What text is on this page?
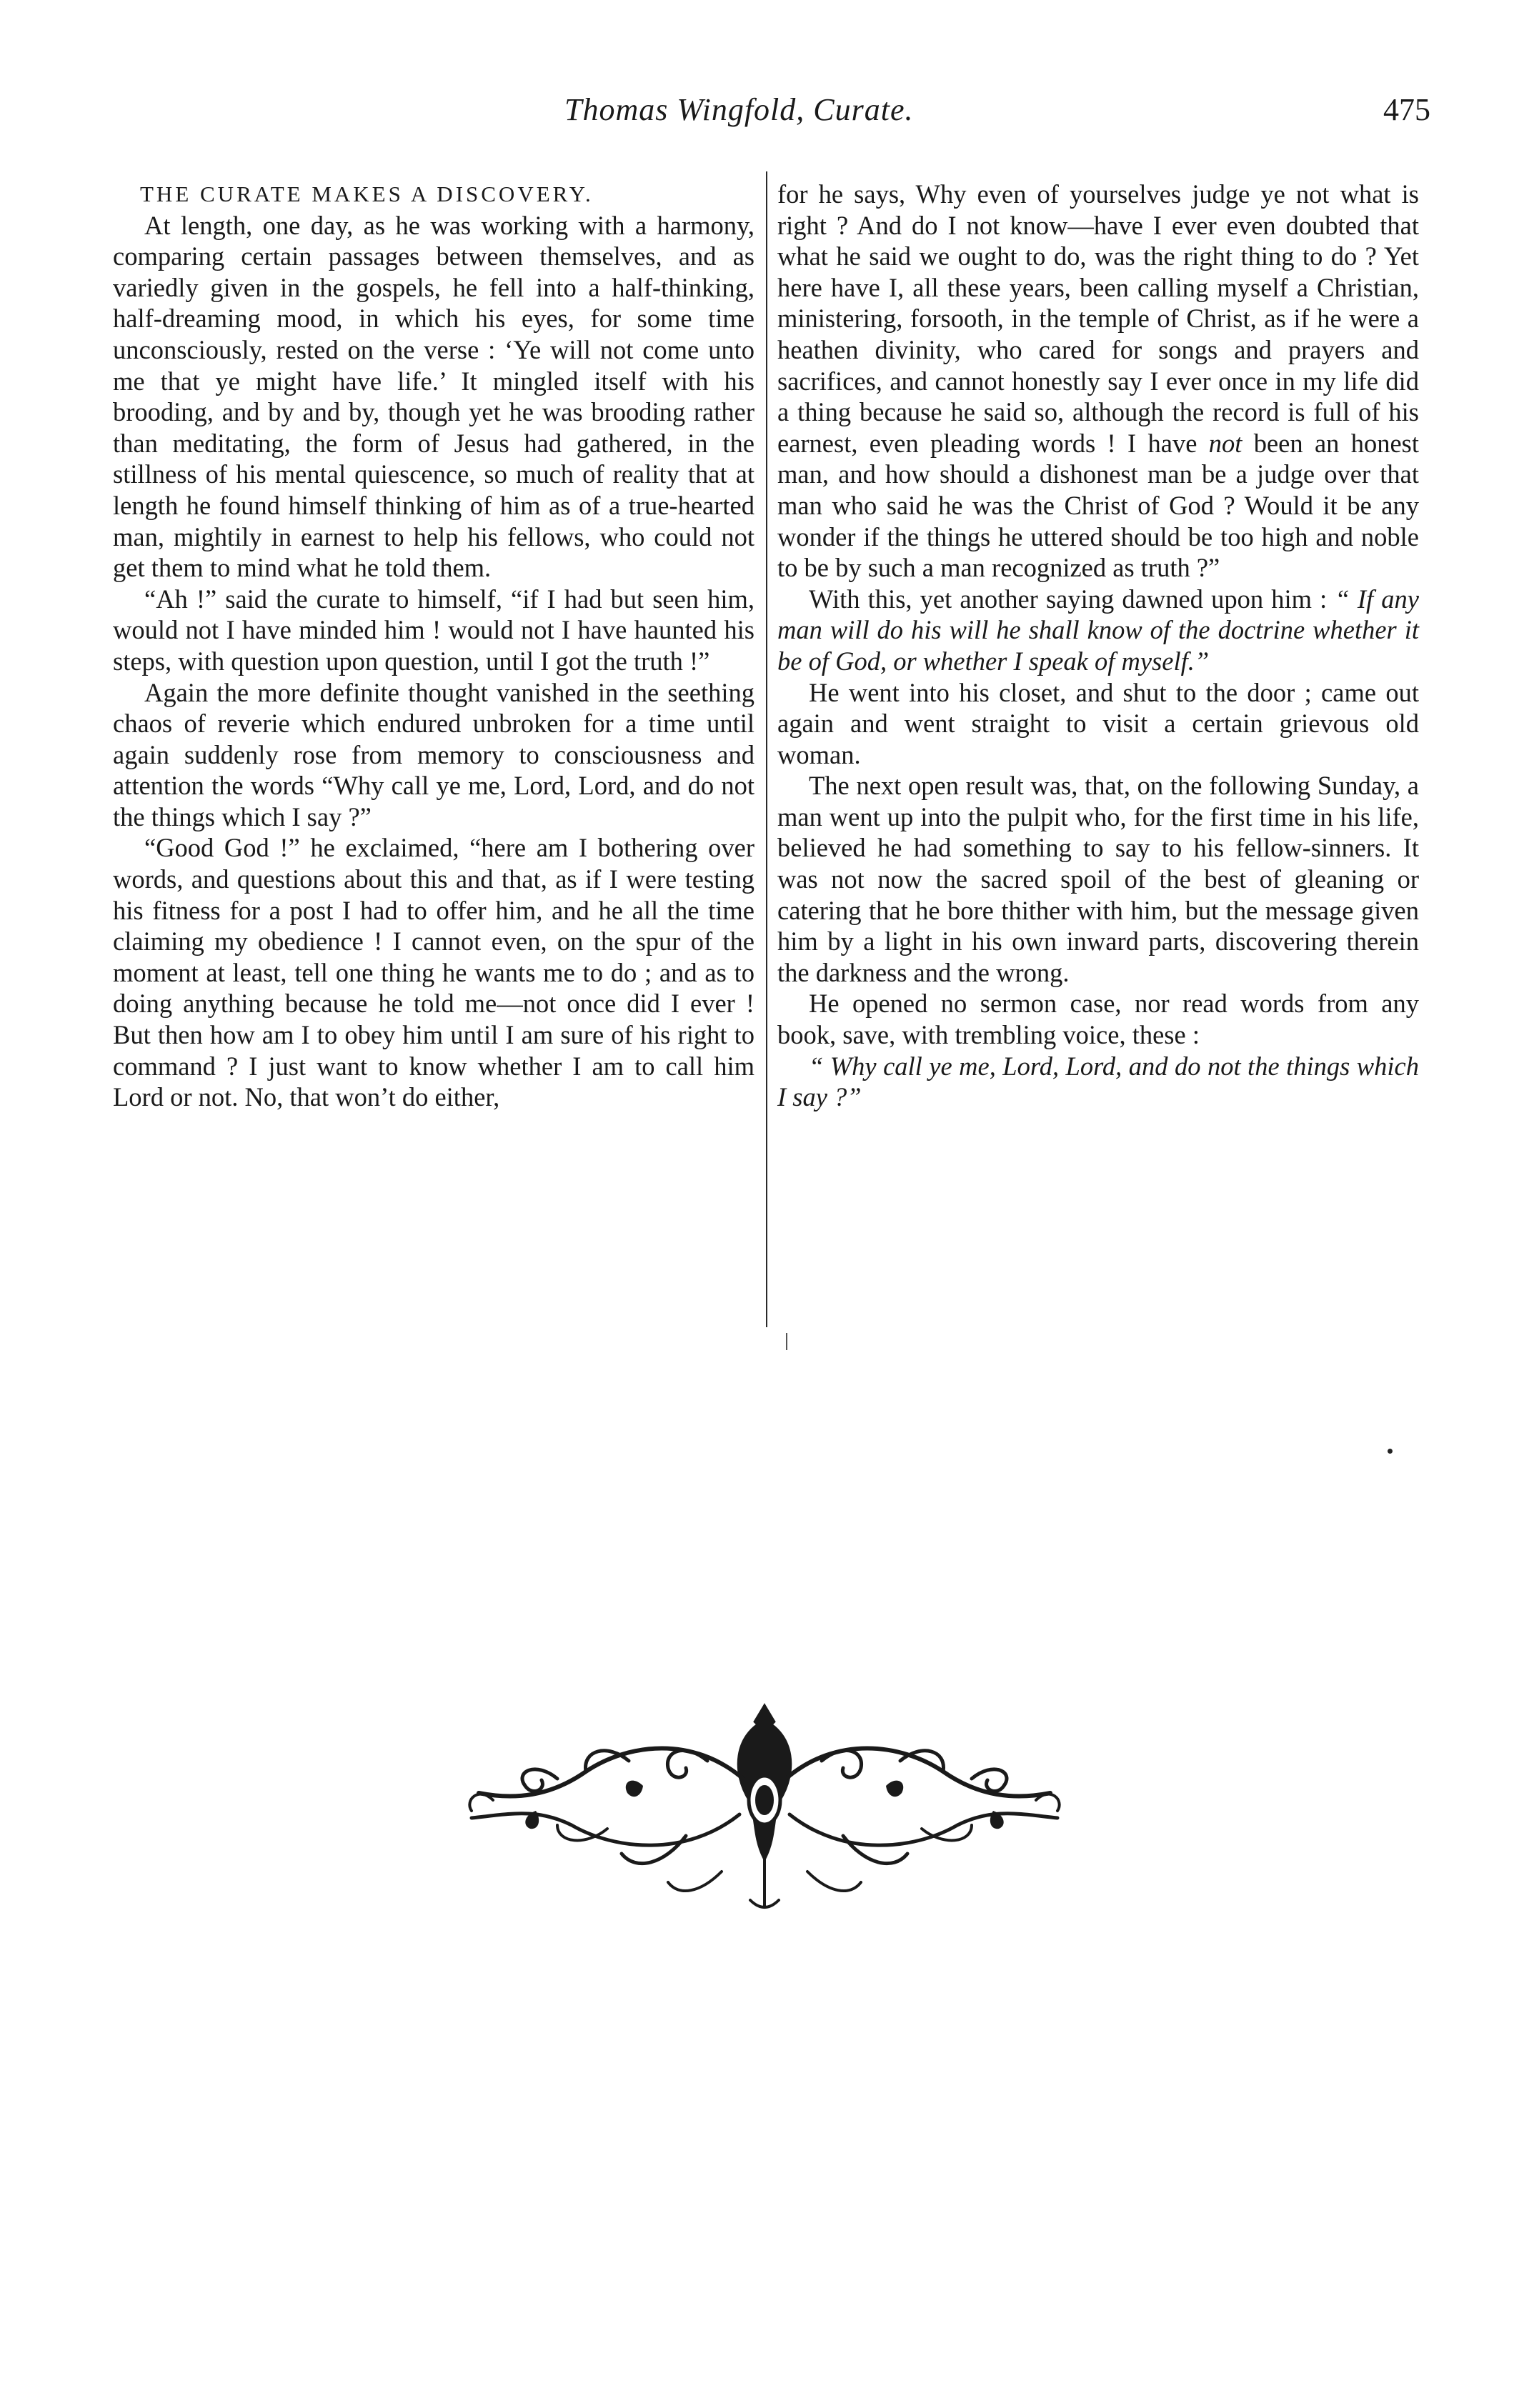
Thomas Wingfold, Curate.	475

THE CURATE MAKES A DISCOVERY.

At length, one day, as he was working with a harmony, comparing certain passages between themselves, and as variedly given in the gospels, he fell into a half-thinking, half-dreaming mood, in which his eyes, for some time unconsciously, rested on the verse : ‘Ye will not come unto me that ye might have life.’ It mingled itself with his brooding, and by and by, though yet he was brooding rather than meditating, the form of Jesus had gathered, in the stillness of his mental quiescence, so much of reality that at length he found himself thinking of him as of a true-hearted man, mightily in earnest to help his fellows, who could not get them to mind what he told them.

“Ah !” said the curate to himself, “if I had but seen him, would not I have minded him ! would not I have haunted his steps, with question upon question, until I got the truth !”

Again the more definite thought vanished in the seething chaos of reverie which endured unbroken for a time until again suddenly rose from memory to consciousness and attention the words “Why call ye me, Lord, Lord, and do not the things which I say ?”

“Good God !” he exclaimed, “here am I bothering over words, and questions about this and that, as if I were testing his fitness for a post I had to offer him, and he all the time claiming my obedience ! I cannot even, on the spur of the moment at least, tell one thing he wants me to do ; and as to doing anything because he told me—not once did I ever ! But then how am I to obey him until I am sure of his right to command ? I just want to know whether I am to call him Lord or not. No, that won’t do either,

for he says, Why even of yourselves judge ye not what is right ? And do I not know—have I ever even doubted that what he said we ought to do, was the right thing to do ? Yet here have I, all these years, been calling myself a Christian, ministering, forsooth, in the temple of Christ, as if he were a heathen divinity, who cared for songs and prayers and sacrifices, and cannot honestly say I ever once in my life did a thing because he said so, although the record is full of his earnest, even pleading words ! I have not been an honest man, and how should a dishonest man be a judge over that man who said he was the Christ of God ? Would it be any wonder if the things he uttered should be too high and noble to be by such a man recognized as truth ?”

With this, yet another saying dawned upon him : “ If any man will do his will he shall know of the doctrine whether it be of God, or whether I speak of myself.”

He went into his closet, and shut to the door ; came out again and went straight to visit a certain grievous old woman.

The next open result was, that, on the following Sunday, a man went up into the pulpit who, for the first time in his life, believed he had something to say to his fellow-sinners. It was not now the sacred spoil of the best of gleaning or catering that he bore thither with him, but the message given him by a light in his own inward parts, discovering therein the darkness and the wrong.

He opened no sermon case, nor read words from any book, save, with trembling voice, these :

“ Why call ye me, Lord, Lord, and do not the things which I say ?”
